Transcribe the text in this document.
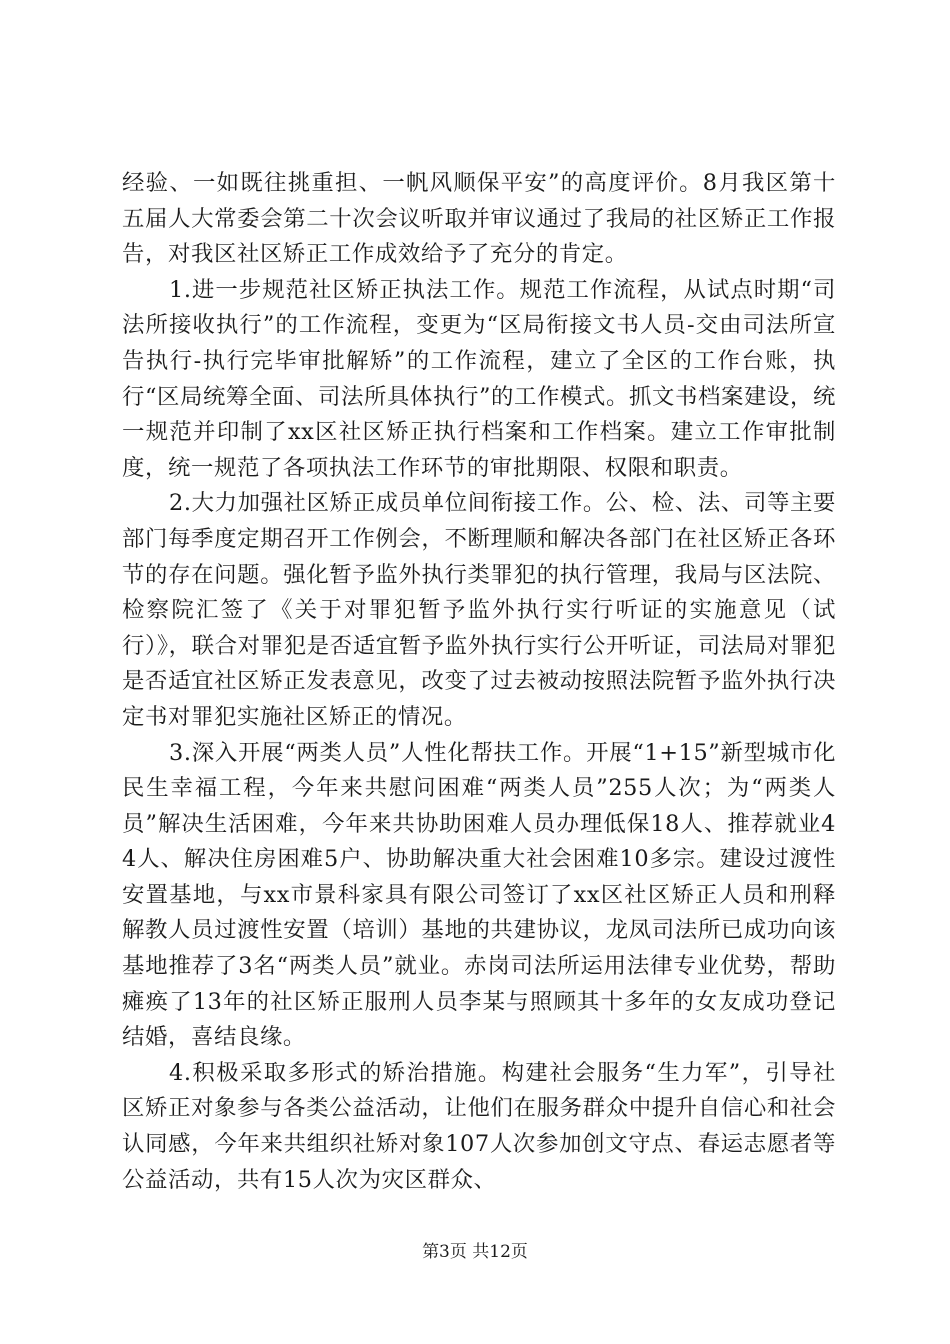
经验、一如既往挑重担、一帆风顺保平安”的高度评价。8月我区第十五届人大常委会第二十次会议听取并审议通过了我局的社区矫正工作报告，对我区社区矫正工作成效给予了充分的肯定。

1.进一步规范社区矫正执法工作。规范工作流程，从试点时期“司法所接收执行”的工作流程，变更为“区局衔接文书人员-交由司法所宣告执行-执行完毕审批解矫”的工作流程，建立了全区的工作台账，执行“区局统筹全面、司法所具体执行”的工作模式。抓文书档案建设，统一规范并印制了xx区社区矫正执行档案和工作档案。建立工作审批制度，统一规范了各项执法工作环节的审批期限、权限和职责。

2.大力加强社区矫正成员单位间衔接工作。公、检、法、司等主要部门每季度定期召开工作例会，不断理顺和解决各部门在社区矫正各环节的存在问题。强化暂予监外执行类罪犯的执行管理，我局与区法院、检察院汇签了《关于对罪犯暂予监外执行实行听证的实施意见（试行）》，联合对罪犯是否适宜暂予监外执行实行公开听证，司法局对罪犯是否适宜社区矫正发表意见，改变了过去被动按照法院暂予监外执行决定书对罪犯实施社区矫正的情况。

3.深入开展“两类人员”人性化帮扶工作。开展“1+15”新型城市化民生幸福工程，今年来共慰问困难“两类人员”255人次；为“两类人员”解决生活困难，今年来共协助困难人员办理低保18人、推荐就业44人、解决住房困难5户、协助解决重大社会困难10多宗。建设过渡性安置基地，与xx市景科家具有限公司签订了xx区社区矫正人员和刑释解教人员过渡性安置（培训）基地的共建协议，龙凤司法所已成功向该基地推荐了3名“两类人员”就业。赤岗司法所运用法律专业优势，帮助瘫痪了13年的社区矫正服刑人员李某与照顾其十多年的女友成功登记结婚，喜结良缘。

4.积极采取多形式的矫治措施。构建社会服务“生力军”，引导社区矫正对象参与各类公益活动，让他们在服务群众中提升自信心和社会认同感，今年来共组织社矫对象107人次参加创文守点、春运志愿者等公益活动，共有15人次为灾区群众、

第3页 共12页
